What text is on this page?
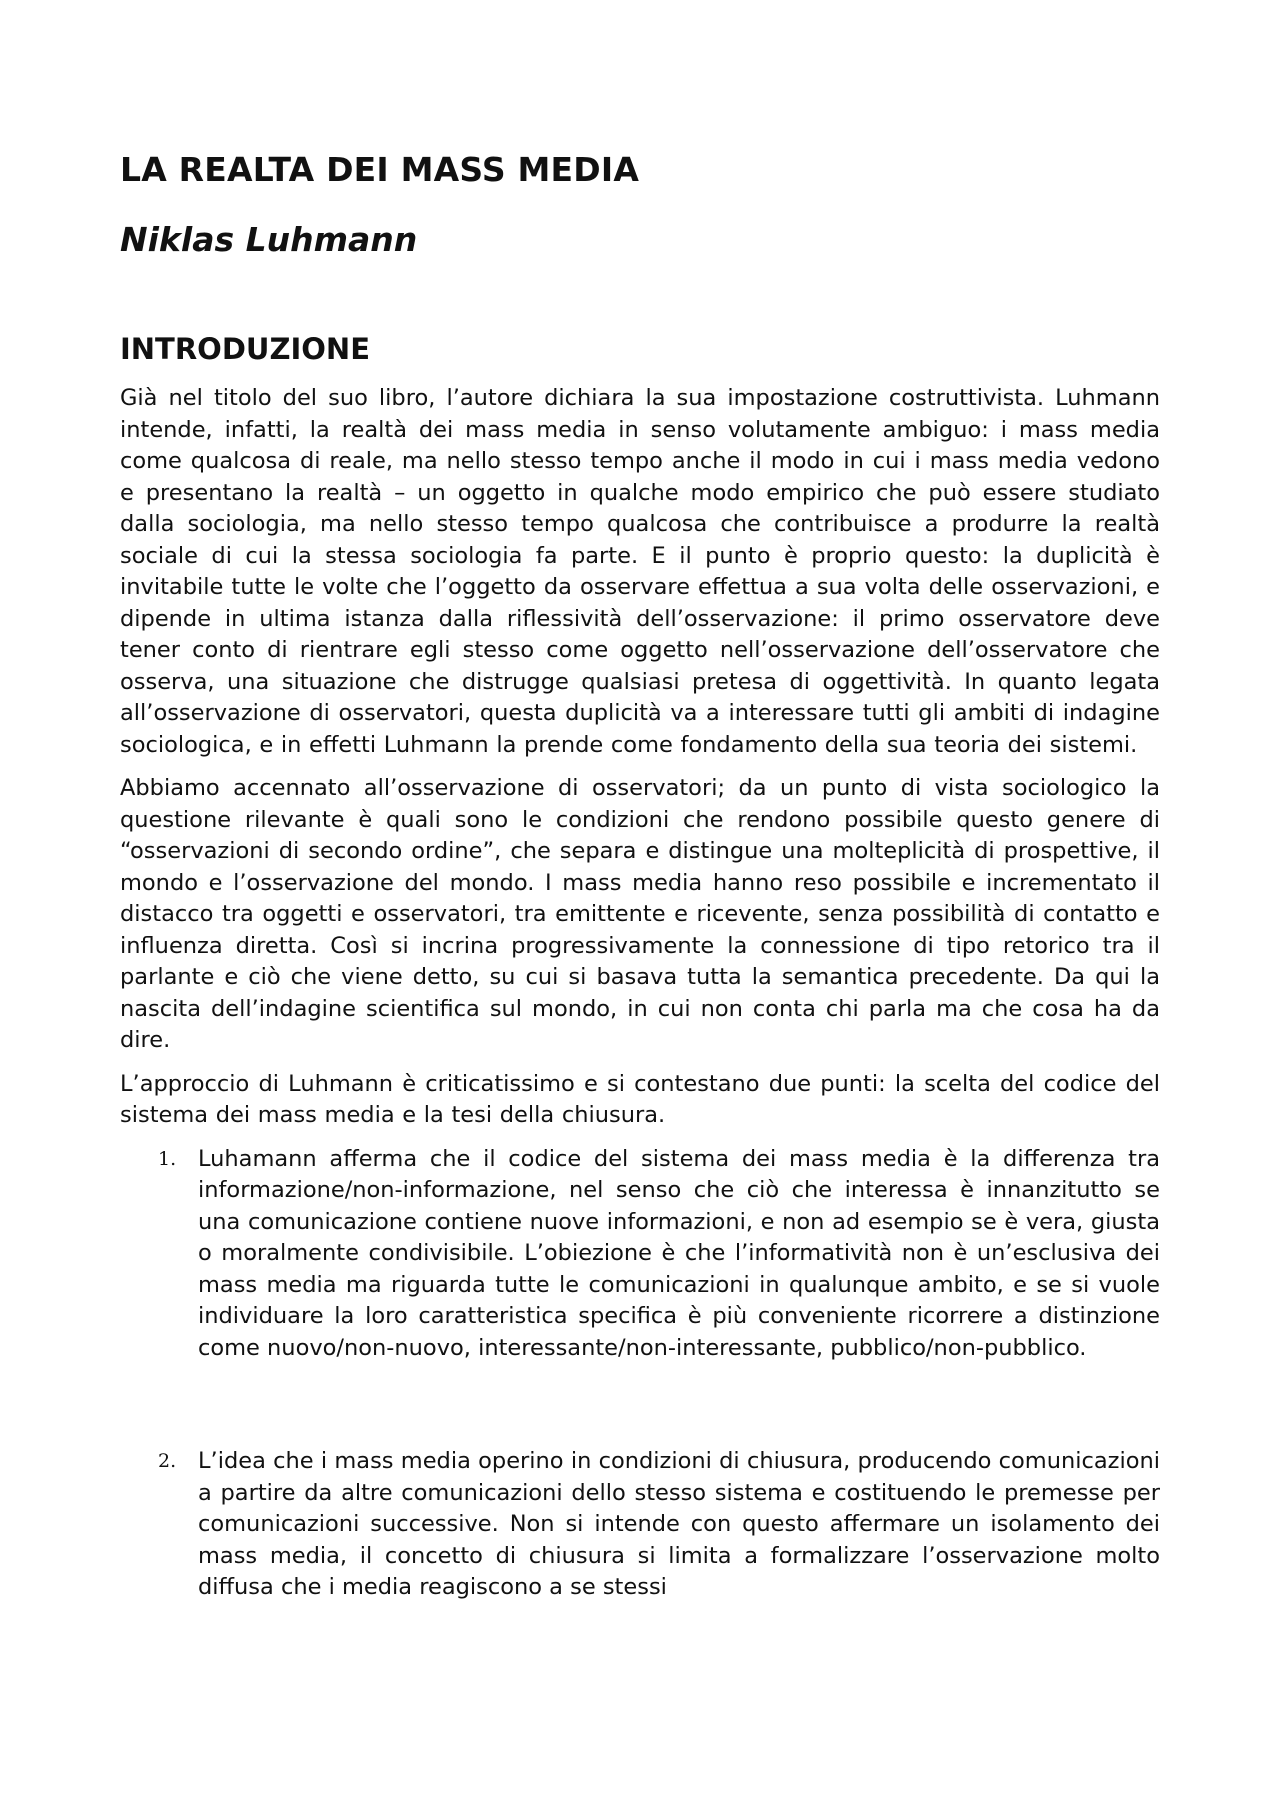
LA REALTA DEI MASS MEDIA
Niklas Luhmann
INTRODUZIONE

Già nel titolo del suo libro, l’autore dichiara la sua impostazione costruttivista. Luhmann intende, infatti, la realtà dei mass media in senso volutamente ambiguo: i mass media come qualcosa di reale, ma nello stesso tempo anche il modo in cui i mass media vedono e presentano la realtà – un oggetto in qualche modo empirico che può essere studiato dalla sociologia, ma nello stesso tempo qualcosa che contribuisce a produrre la realtà sociale di cui la stessa sociologia fa parte. E il punto è proprio questo: la duplicità è invitabile tutte le volte che l’oggetto da osservare effettua a sua volta delle osservazioni, e dipende in ultima istanza dalla riflessività dell’osservazione: il primo osservatore deve tener conto di rientrare egli stesso come oggetto nell’osservazione dell’osservatore che osserva, una situazione che distrugge qualsiasi pretesa di oggettività. In quanto legata all’osservazione di osservatori, questa duplicità va a interessare tutti gli ambiti di indagine sociologica, e in effetti Luhmann la prende come fondamento della sua teoria dei sistemi.

Abbiamo accennato all’osservazione di osservatori; da un punto di vista sociologico la questione rilevante è quali sono le condizioni che rendono possibile questo genere di “osservazioni di secondo ordine”, che separa e distingue una molteplicità di prospettive, il mondo e l’osservazione del mondo. I mass media hanno reso possibile e incrementato il distacco tra oggetti e osservatori, tra emittente e ricevente, senza possibilità di contatto e influenza diretta. Così si incrina progressivamente la connessione di tipo retorico tra il parlante e ciò che viene detto, su cui si basava tutta la semantica precedente. Da qui la nascita dell’indagine scientifica sul mondo, in cui non conta chi parla ma che cosa ha da dire.

L’approccio di Luhmann è criticatissimo e si contestano due punti: la scelta del codice del sistema dei mass media e la tesi della chiusura.

1. Luhamann afferma che il codice del sistema dei mass media è la differenza tra informazione/non-informazione, nel senso che ciò che interessa è innanzitutto se una comunicazione contiene nuove informazioni, e non ad esempio se è vera, giusta o moralmente condivisibile. L’obiezione è che l’informatività non è un’esclusiva dei mass media ma riguarda tutte le comunicazioni in qualunque ambito, e se si vuole individuare la loro caratteristica specifica è più conveniente ricorrere a distinzione come nuovo/non-nuovo, interessante/non-interessante, pubblico/non-pubblico.
2. L’idea che i mass media operino in condizioni di chiusura, producendo comunicazioni a partire da altre comunicazioni dello stesso sistema e costituendo le premesse per comunicazioni successive. Non si intende con questo affermare un isolamento dei mass media, il concetto di chiusura si limita a formalizzare l’osservazione molto diffusa che i media reagiscono a se stessi
